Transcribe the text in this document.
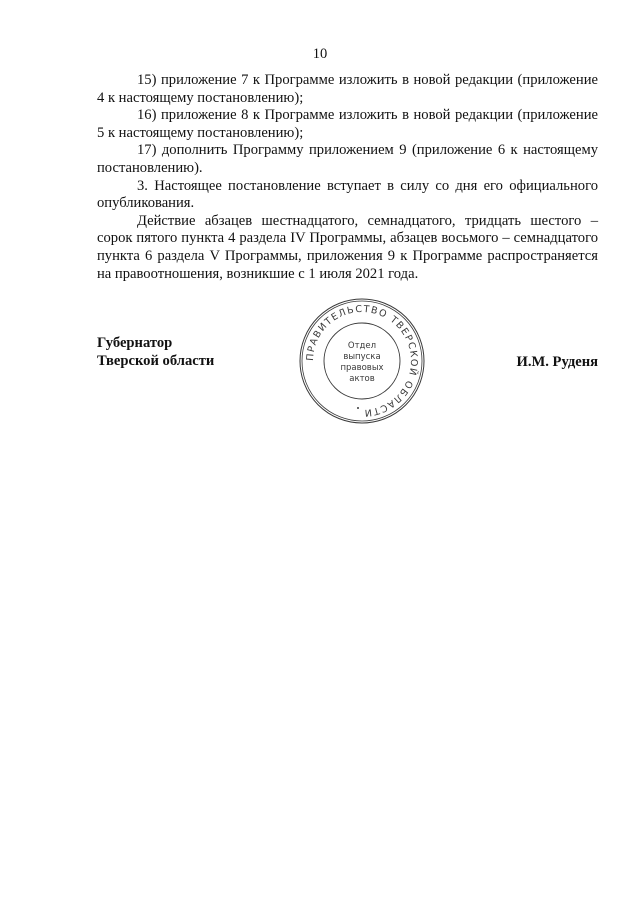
10

15) приложение 7 к Программе изложить в новой редакции (приложение 4 к настоящему постановлению);

16) приложение 8 к Программе изложить в новой редакции (приложение 5 к настоящему постановлению);

17) дополнить Программу приложением 9 (приложение 6 к настоящему постановлению).

3. Настоящее постановление вступает в силу со дня его официального опубликования.

Действие абзацев шестнадцатого, семнадцатого, тридцать шестого – сорок пятого пункта 4 раздела IV Программы, абзацев восьмого – семнадцатого пункта 6 раздела V Программы, приложения 9 к Программе распространяется на правоотношения, возникшие с 1 июля 2021 года.

Губернатор
Тверской области	ПРАВИТЕЛЬСТВО ТВЕРСКОЙ ОБЛАСТИ
Отдел
выпуска
правовых
актов
И.М. Руденя
